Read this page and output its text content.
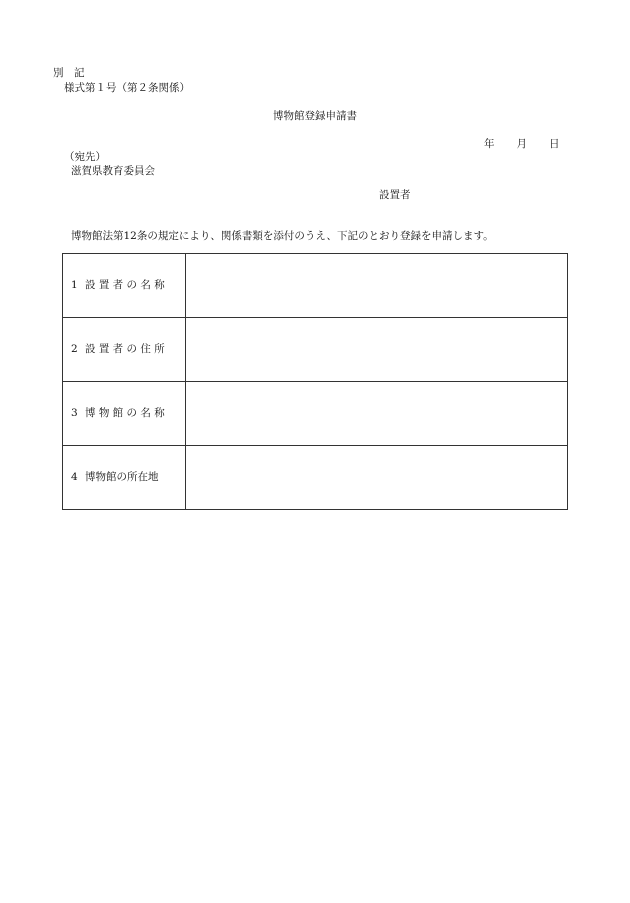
別　記
様式第１号（第２条関係）
博物館登録申請書
年 月 日
（宛先）
滋賀県教育委員会
設置者
博物館法第12条の規定により、関係書類を添付のうえ、下記のとおり登録を申請します。
1 設 置 者 の 名 称	
2 設 置 者 の 住 所	
3 博 物 館 の 名 称	
4 博物館の所在地	
